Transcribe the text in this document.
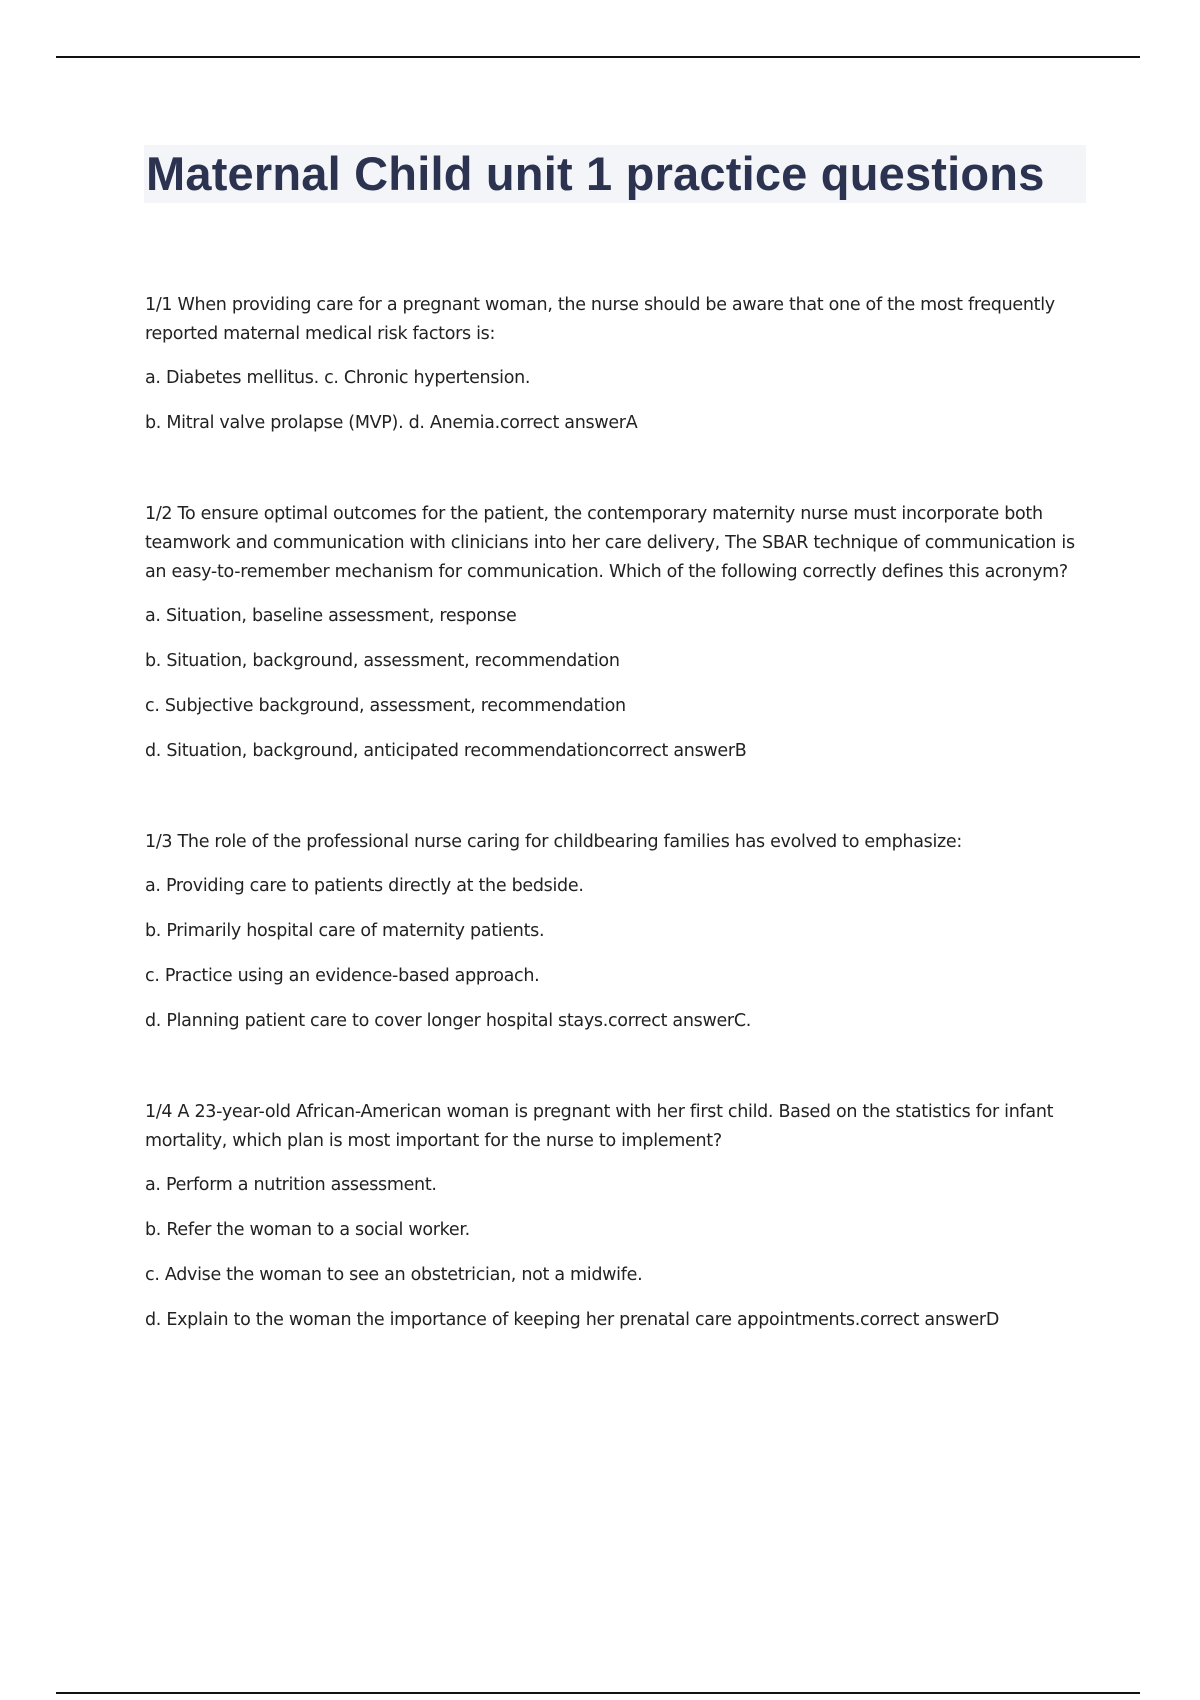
Maternal Child unit 1 practice questions

1/1 When providing care for a pregnant woman, the nurse should be aware that one of the most frequently reported maternal medical risk factors is:

a. Diabetes mellitus. c. Chronic hypertension.

b. Mitral valve prolapse (MVP). d. Anemia.correct answerA

1/2 To ensure optimal outcomes for the patient, the contemporary maternity nurse must incorporate both teamwork and communication with clinicians into her care delivery, The SBAR technique of communication is an easy-to-remember mechanism for communication. Which of the following correctly defines this acronym?

a. Situation, baseline assessment, response

b. Situation, background, assessment, recommendation

c. Subjective background, assessment, recommendation

d. Situation, background, anticipated recommendationcorrect answerB

1/3 The role of the professional nurse caring for childbearing families has evolved to emphasize:

a. Providing care to patients directly at the bedside.

b. Primarily hospital care of maternity patients.

c. Practice using an evidence-based approach.

d. Planning patient care to cover longer hospital stays.correct answerC.

1/4 A 23-year-old African-American woman is pregnant with her first child. Based on the statistics for infant mortality, which plan is most important for the nurse to implement?

a. Perform a nutrition assessment.

b. Refer the woman to a social worker.

c. Advise the woman to see an obstetrician, not a midwife.

d. Explain to the woman the importance of keeping her prenatal care appointments.correct answerD
